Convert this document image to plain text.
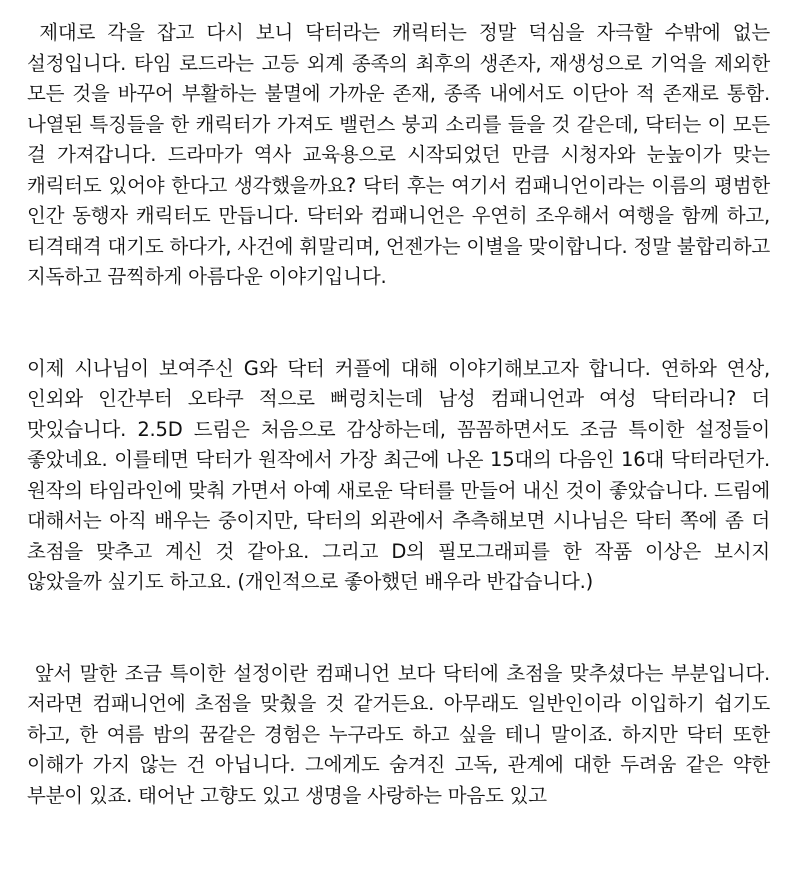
제대로 각을 잡고 다시 보니 닥터라는 캐릭터는 정말 덕심을 자극할 수밖에 없는 설정입니다. 타임 로드라는 고등 외계 종족의 최후의 생존자, 재생성으로 기억을 제외한 모든 것을 바꾸어 부활하는 불멸에 가까운 존재, 종족 내에서도 이단아 적 존재로 통함. 나열된 특징들을 한 캐릭터가 가져도 밸런스 붕괴 소리를 들을 것 같은데, 닥터는 이 모든 걸 가져갑니다. 드라마가 역사 교육용으로 시작되었던 만큼 시청자와 눈높이가 맞는 캐릭터도 있어야 한다고 생각했을까요? 닥터 후는 여기서 컴패니언이라는 이름의 평범한 인간 동행자 캐릭터도 만듭니다. 닥터와 컴패니언은 우연히 조우해서 여행을 함께 하고, 티격태격 대기도 하다가, 사건에 휘말리며, 언젠가는 이별을 맞이합니다. 정말 불합리하고 지독하고 끔찍하게 아름다운 이야기입니다.

이제 시나님이 보여주신 G와 닥터 커플에 대해 이야기해보고자 합니다. 연하와 연상, 인외와 인간부터 오타쿠 적으로 뻐렁치는데 남성 컴패니언과 여성 닥터라니? 더 맛있습니다. 2.5D 드림은 처음으로 감상하는데, 꼼꼼하면서도 조금 특이한 설정들이 좋았네요. 이를테면 닥터가 원작에서 가장 최근에 나온 15대의 다음인 16대 닥터라던가. 원작의 타임라인에 맞춰 가면서 아예 새로운 닥터를 만들어 내신 것이 좋았습니다. 드림에 대해서는 아직 배우는 중이지만, 닥터의 외관에서 추측해보면 시나님은 닥터 쪽에 좀 더 초점을 맞추고 계신 것 같아요. 그리고 D의 필모그래피를 한 작품 이상은 보시지 않았을까 싶기도 하고요. (개인적으로 좋아했던 배우라 반갑습니다.)

앞서 말한 조금 특이한 설정이란 컴패니언 보다 닥터에 초점을 맞추셨다는 부분입니다. 저라면 컴패니언에 초점을 맞췄을 것 같거든요. 아무래도 일반인이라 이입하기 쉽기도 하고, 한 여름 밤의 꿈같은 경험은 누구라도 하고 싶을 테니 말이죠. 하지만 닥터 또한 이해가 가지 않는 건 아닙니다. 그에게도 숨겨진 고독, 관계에 대한 두려움 같은 약한 부분이 있죠. 태어난 고향도 있고 생명을 사랑하는 마음도 있고
